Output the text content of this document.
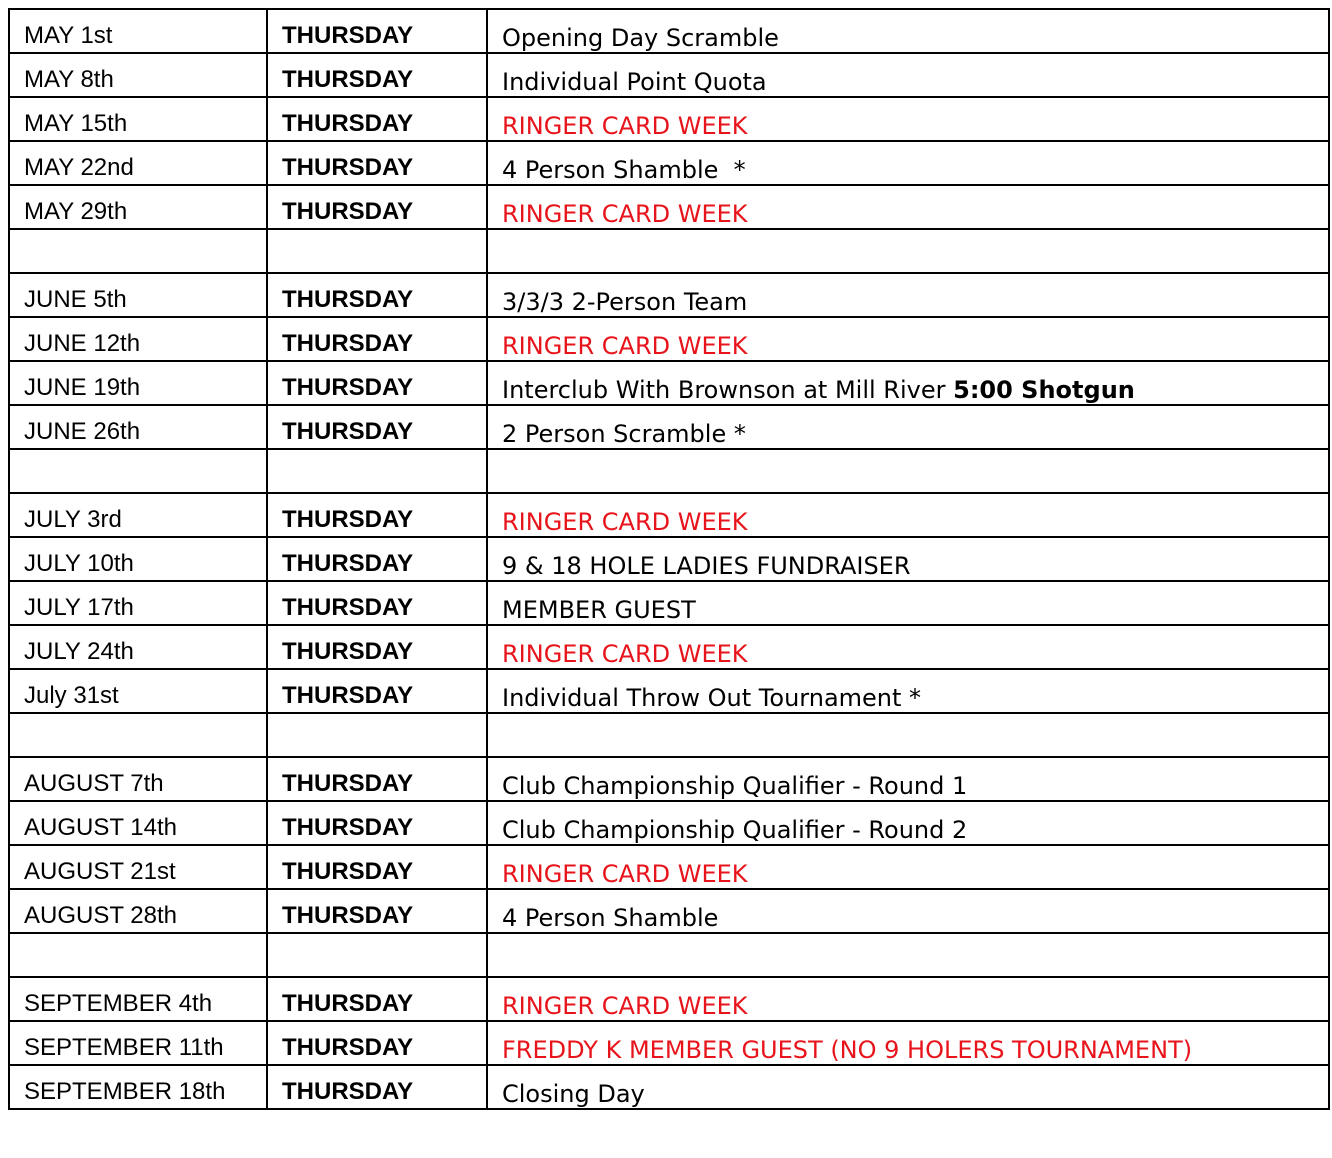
MAY 1st	THURSDAY	Opening Day Scramble
MAY 8th	THURSDAY	Individual Point Quota
MAY 15th	THURSDAY	RINGER CARD WEEK
MAY 22nd	THURSDAY	4 Person Shamble  *
MAY 29th	THURSDAY	RINGER CARD WEEK

JUNE 5th	THURSDAY	3/3/3 2-Person Team
JUNE 12th	THURSDAY	RINGER CARD WEEK
JUNE 19th	THURSDAY	Interclub With Brownson at Mill River 5:00 Shotgun
JUNE 26th	THURSDAY	2 Person Scramble *

JULY 3rd	THURSDAY	RINGER CARD WEEK
JULY 10th	THURSDAY	9 & 18 HOLE LADIES FUNDRAISER
JULY 17th	THURSDAY	MEMBER GUEST
JULY 24th	THURSDAY	RINGER CARD WEEK
July 31st	THURSDAY	Individual Throw Out Tournament *

AUGUST 7th	THURSDAY	Club Championship Qualifier - Round 1
AUGUST 14th	THURSDAY	Club Championship Qualifier - Round 2
AUGUST 21st	THURSDAY	RINGER CARD WEEK
AUGUST 28th	THURSDAY	4 Person Shamble

SEPTEMBER 4th	THURSDAY	RINGER CARD WEEK
SEPTEMBER 11th	THURSDAY	FREDDY K MEMBER GUEST (NO 9 HOLERS TOURNAMENT)
SEPTEMBER 18th	THURSDAY	Closing Day
